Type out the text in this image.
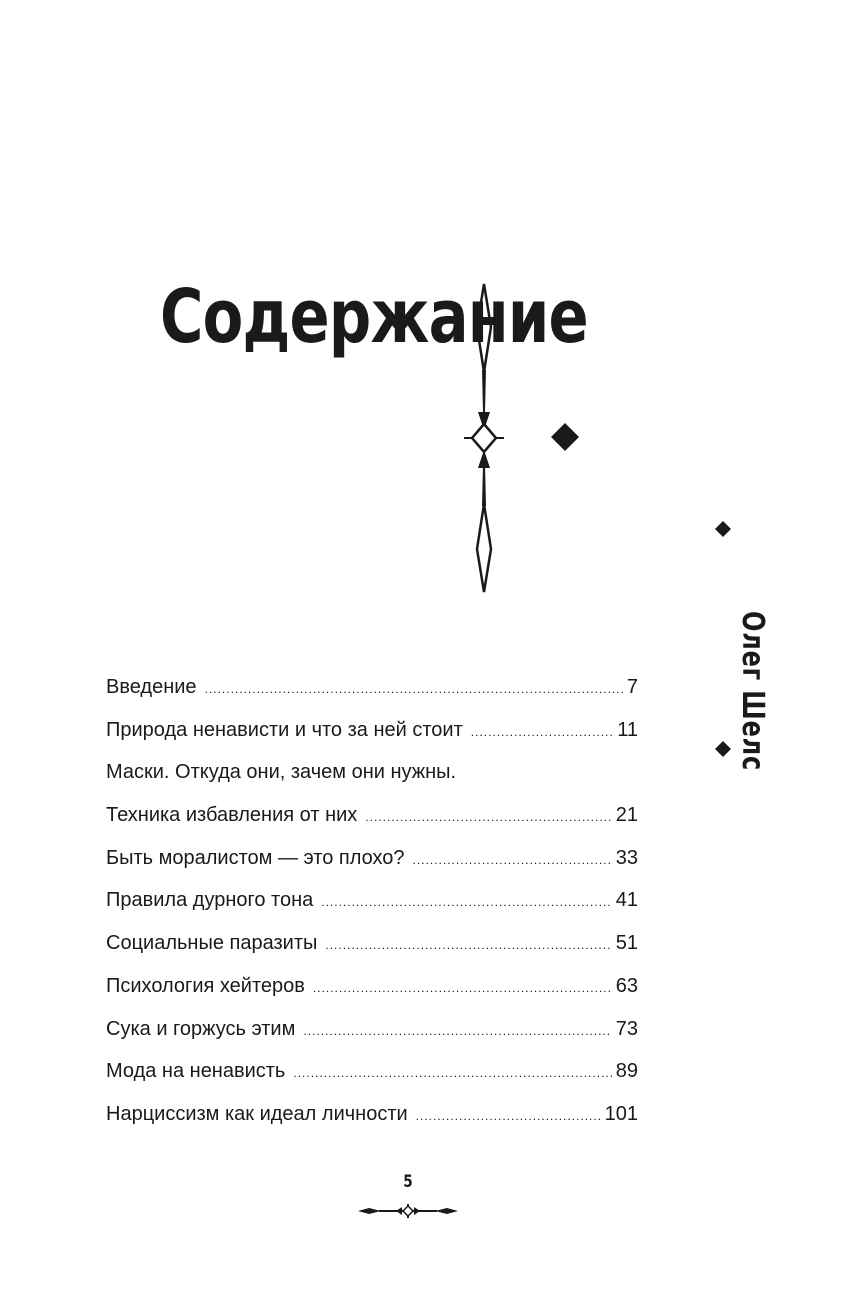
Содержание
Олег Шелс
Введение .....	7
Природа ненависти и что за ней стоит .....	11
Маски. Откуда они, зачем они нужны.
Техника избавления от них .....	21
Быть моралистом — это плохо? .....	33
Правила дурного тона .....	41
Социальные паразиты .....	51
Психология хейтеров .....	63
Сука и горжусь этим .....	73
Мода на ненависть .....	89
Нарциссизм как идеал личности .....	101
5
